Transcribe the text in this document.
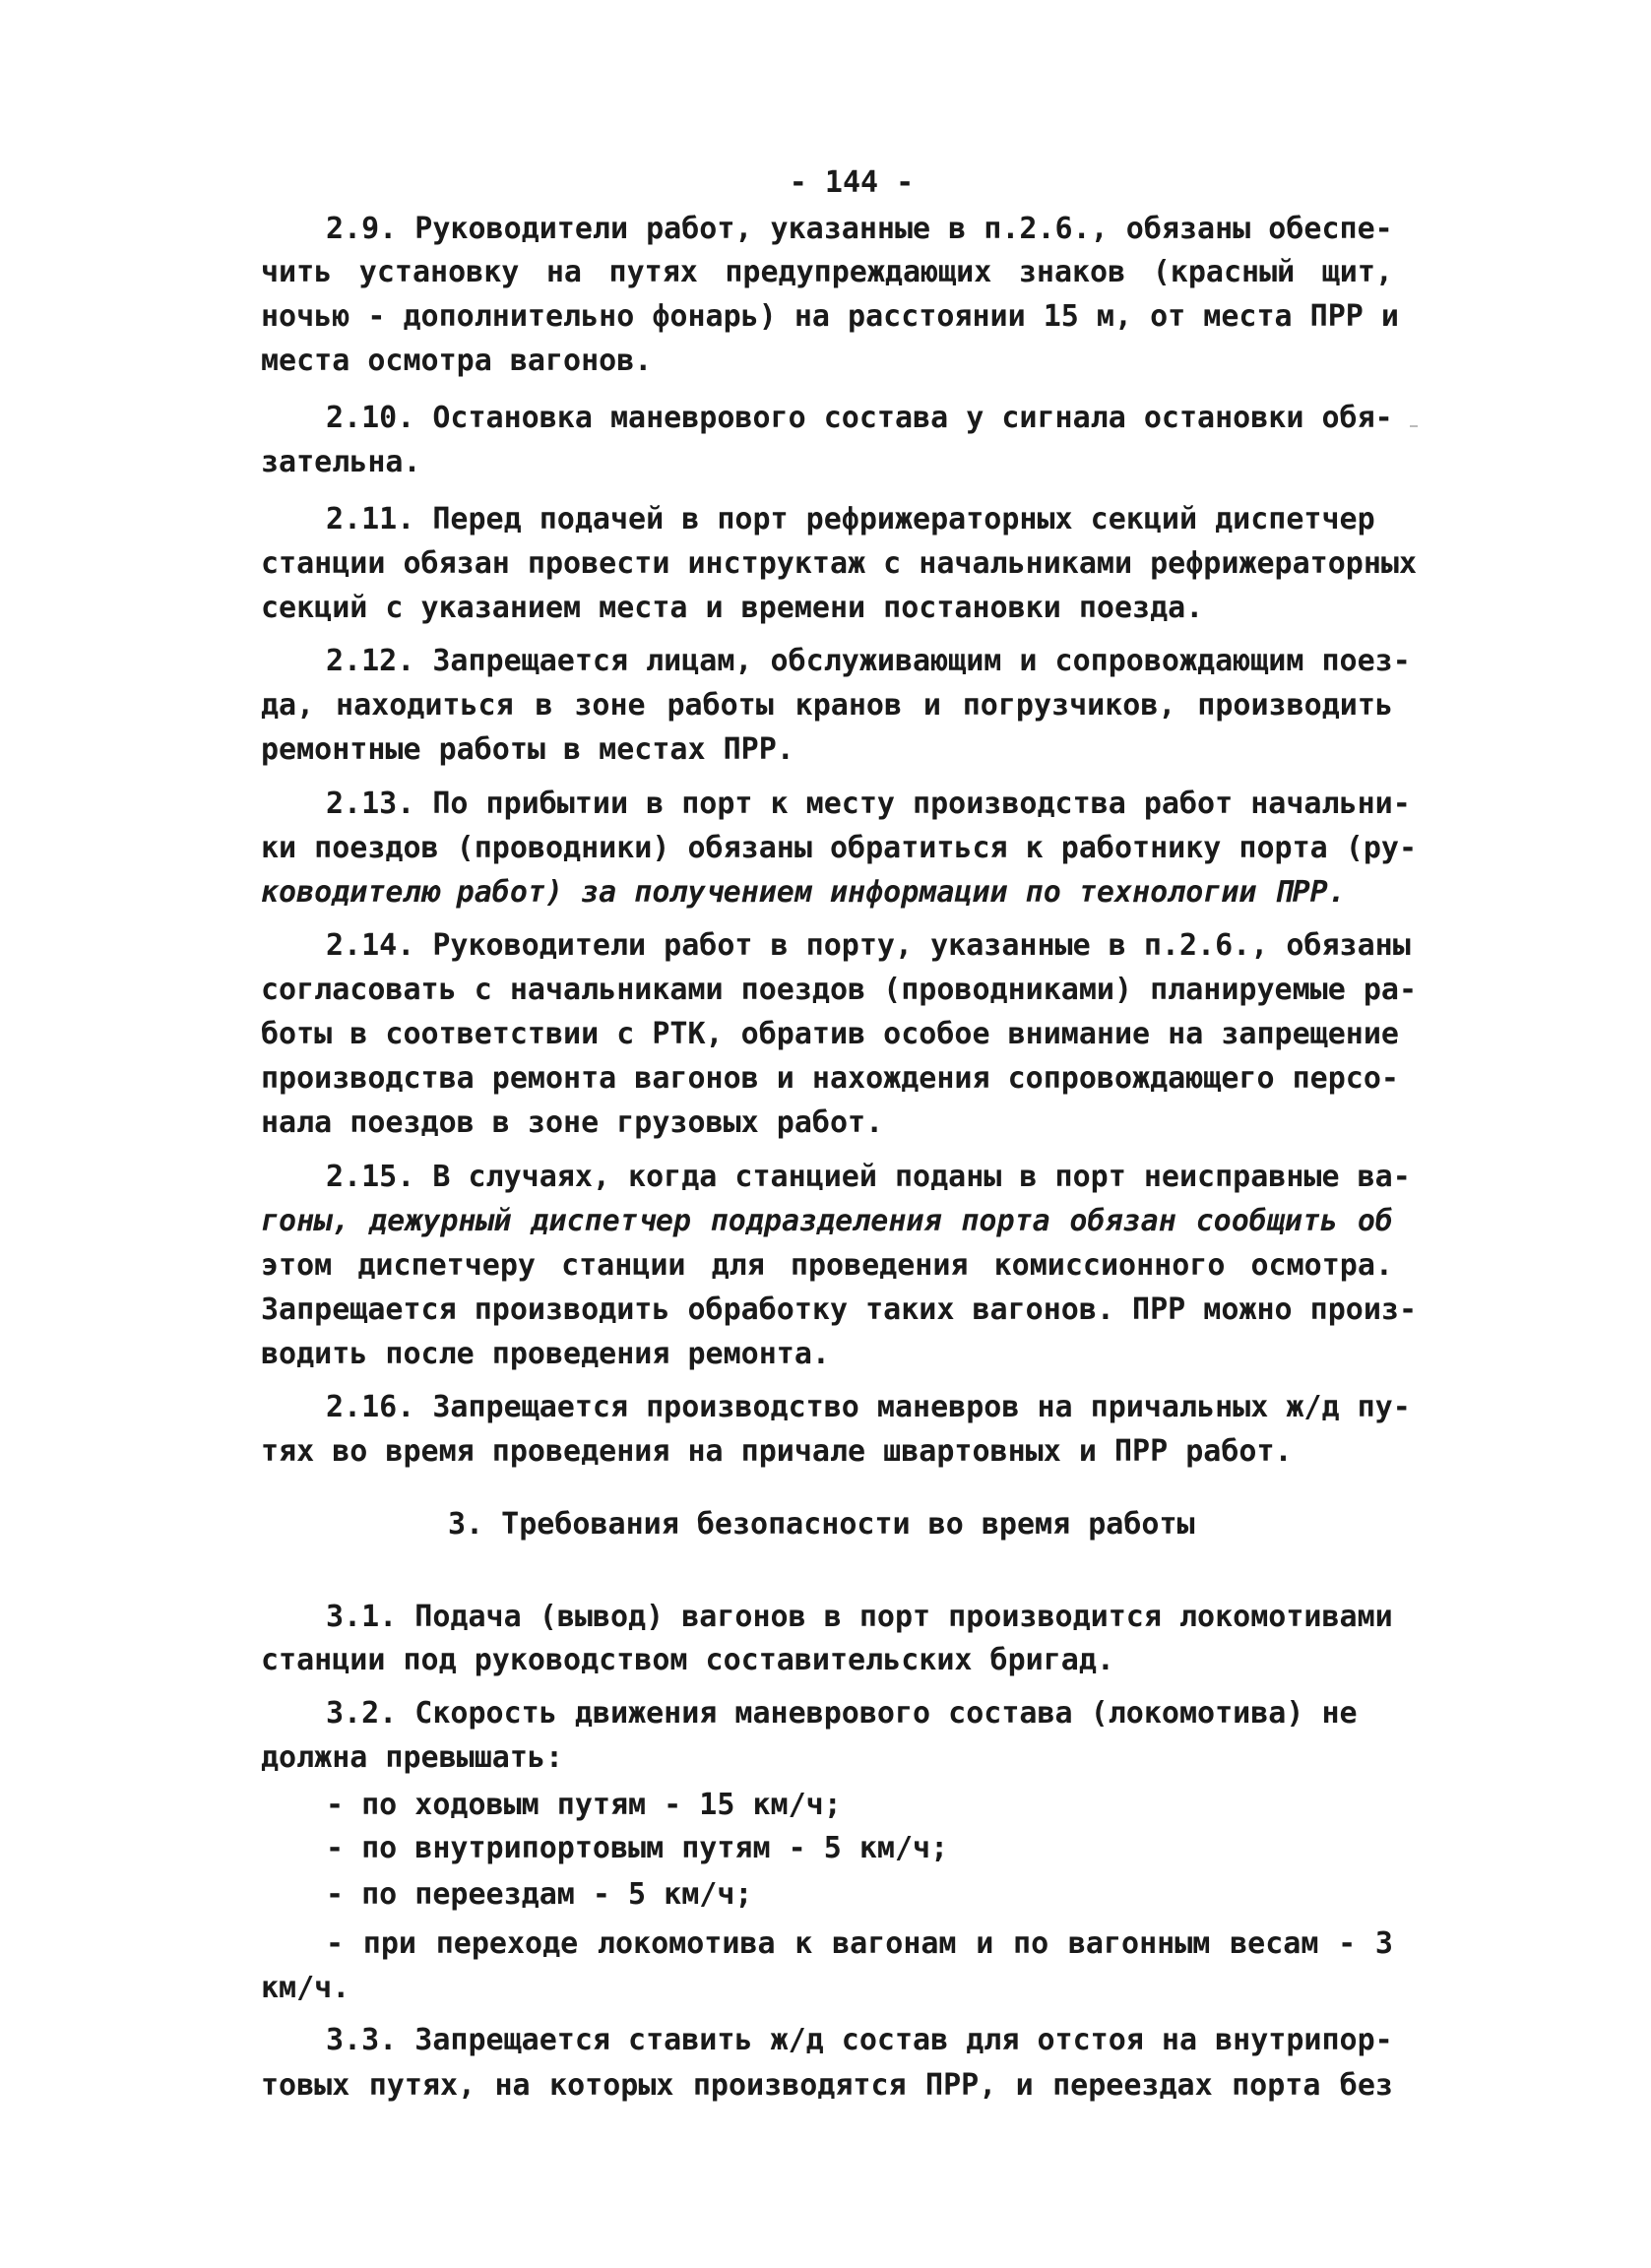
- 144 -
2.9. Руководители работ, указанные в п.2.6., обязаны обеспе-
чить установку на путях предупреждающих знаков (красный щит,
ночью - дополнительно фонарь) на расстоянии 15 м, от места ПРР и
места осмотра вагонов.
2.10. Остановка маневрового состава у сигнала остановки обя-
зательна.
2.11. Перед подачей в порт рефрижераторных секций диспетчер
станции обязан провести инструктаж с начальниками рефрижераторных
секций с указанием места и времени постановки поезда.
2.12. Запрещается лицам, обслуживающим и сопровождающим поез-
да, находиться в зоне работы кранов и погрузчиков, производить
ремонтные работы в местах ПРР.
2.13. По прибытии в порт к месту производства работ начальни-
ки поездов (проводники) обязаны обратиться к работнику порта (ру-
ководителю работ) за получением информации по технологии ПРР.
2.14. Руководители работ в порту, указанные в п.2.6., обязаны
согласовать с начальниками поездов (проводниками) планируемые ра-
боты в соответствии с РТК, обратив особое внимание на запрещение
производства ремонта вагонов и нахождения сопровождающего персо-
нала поездов в зоне грузовых работ.
2.15. В случаях, когда станцией поданы в порт неисправные ва-
гоны, дежурный диспетчер подразделения порта обязан сообщить об
этом диспетчеру станции для проведения комиссионного осмотра.
Запрещается производить обработку таких вагонов. ПРР можно произ-
водить после проведения ремонта.
2.16. Запрещается производство маневров на причальных ж/д пу-
тях во время проведения на причале швартовных и ПРР работ.
3. Требования безопасности во время работы
3.1. Подача (вывод) вагонов в порт производится локомотивами
станции под руководством составительских бригад.
3.2. Скорость движения маневрового состава (локомотива) не
должна превышать:
- по ходовым путям - 15 км/ч;
- по внутрипортовым путям - 5 км/ч;
- по переездам - 5 км/ч;
- при переходе локомотива к вагонам и по вагонным весам - 3
км/ч.
3.3. Запрещается ставить ж/д состав для отстоя на внутрипор-
товых путях, на которых производятся ПРР, и переездах порта без
